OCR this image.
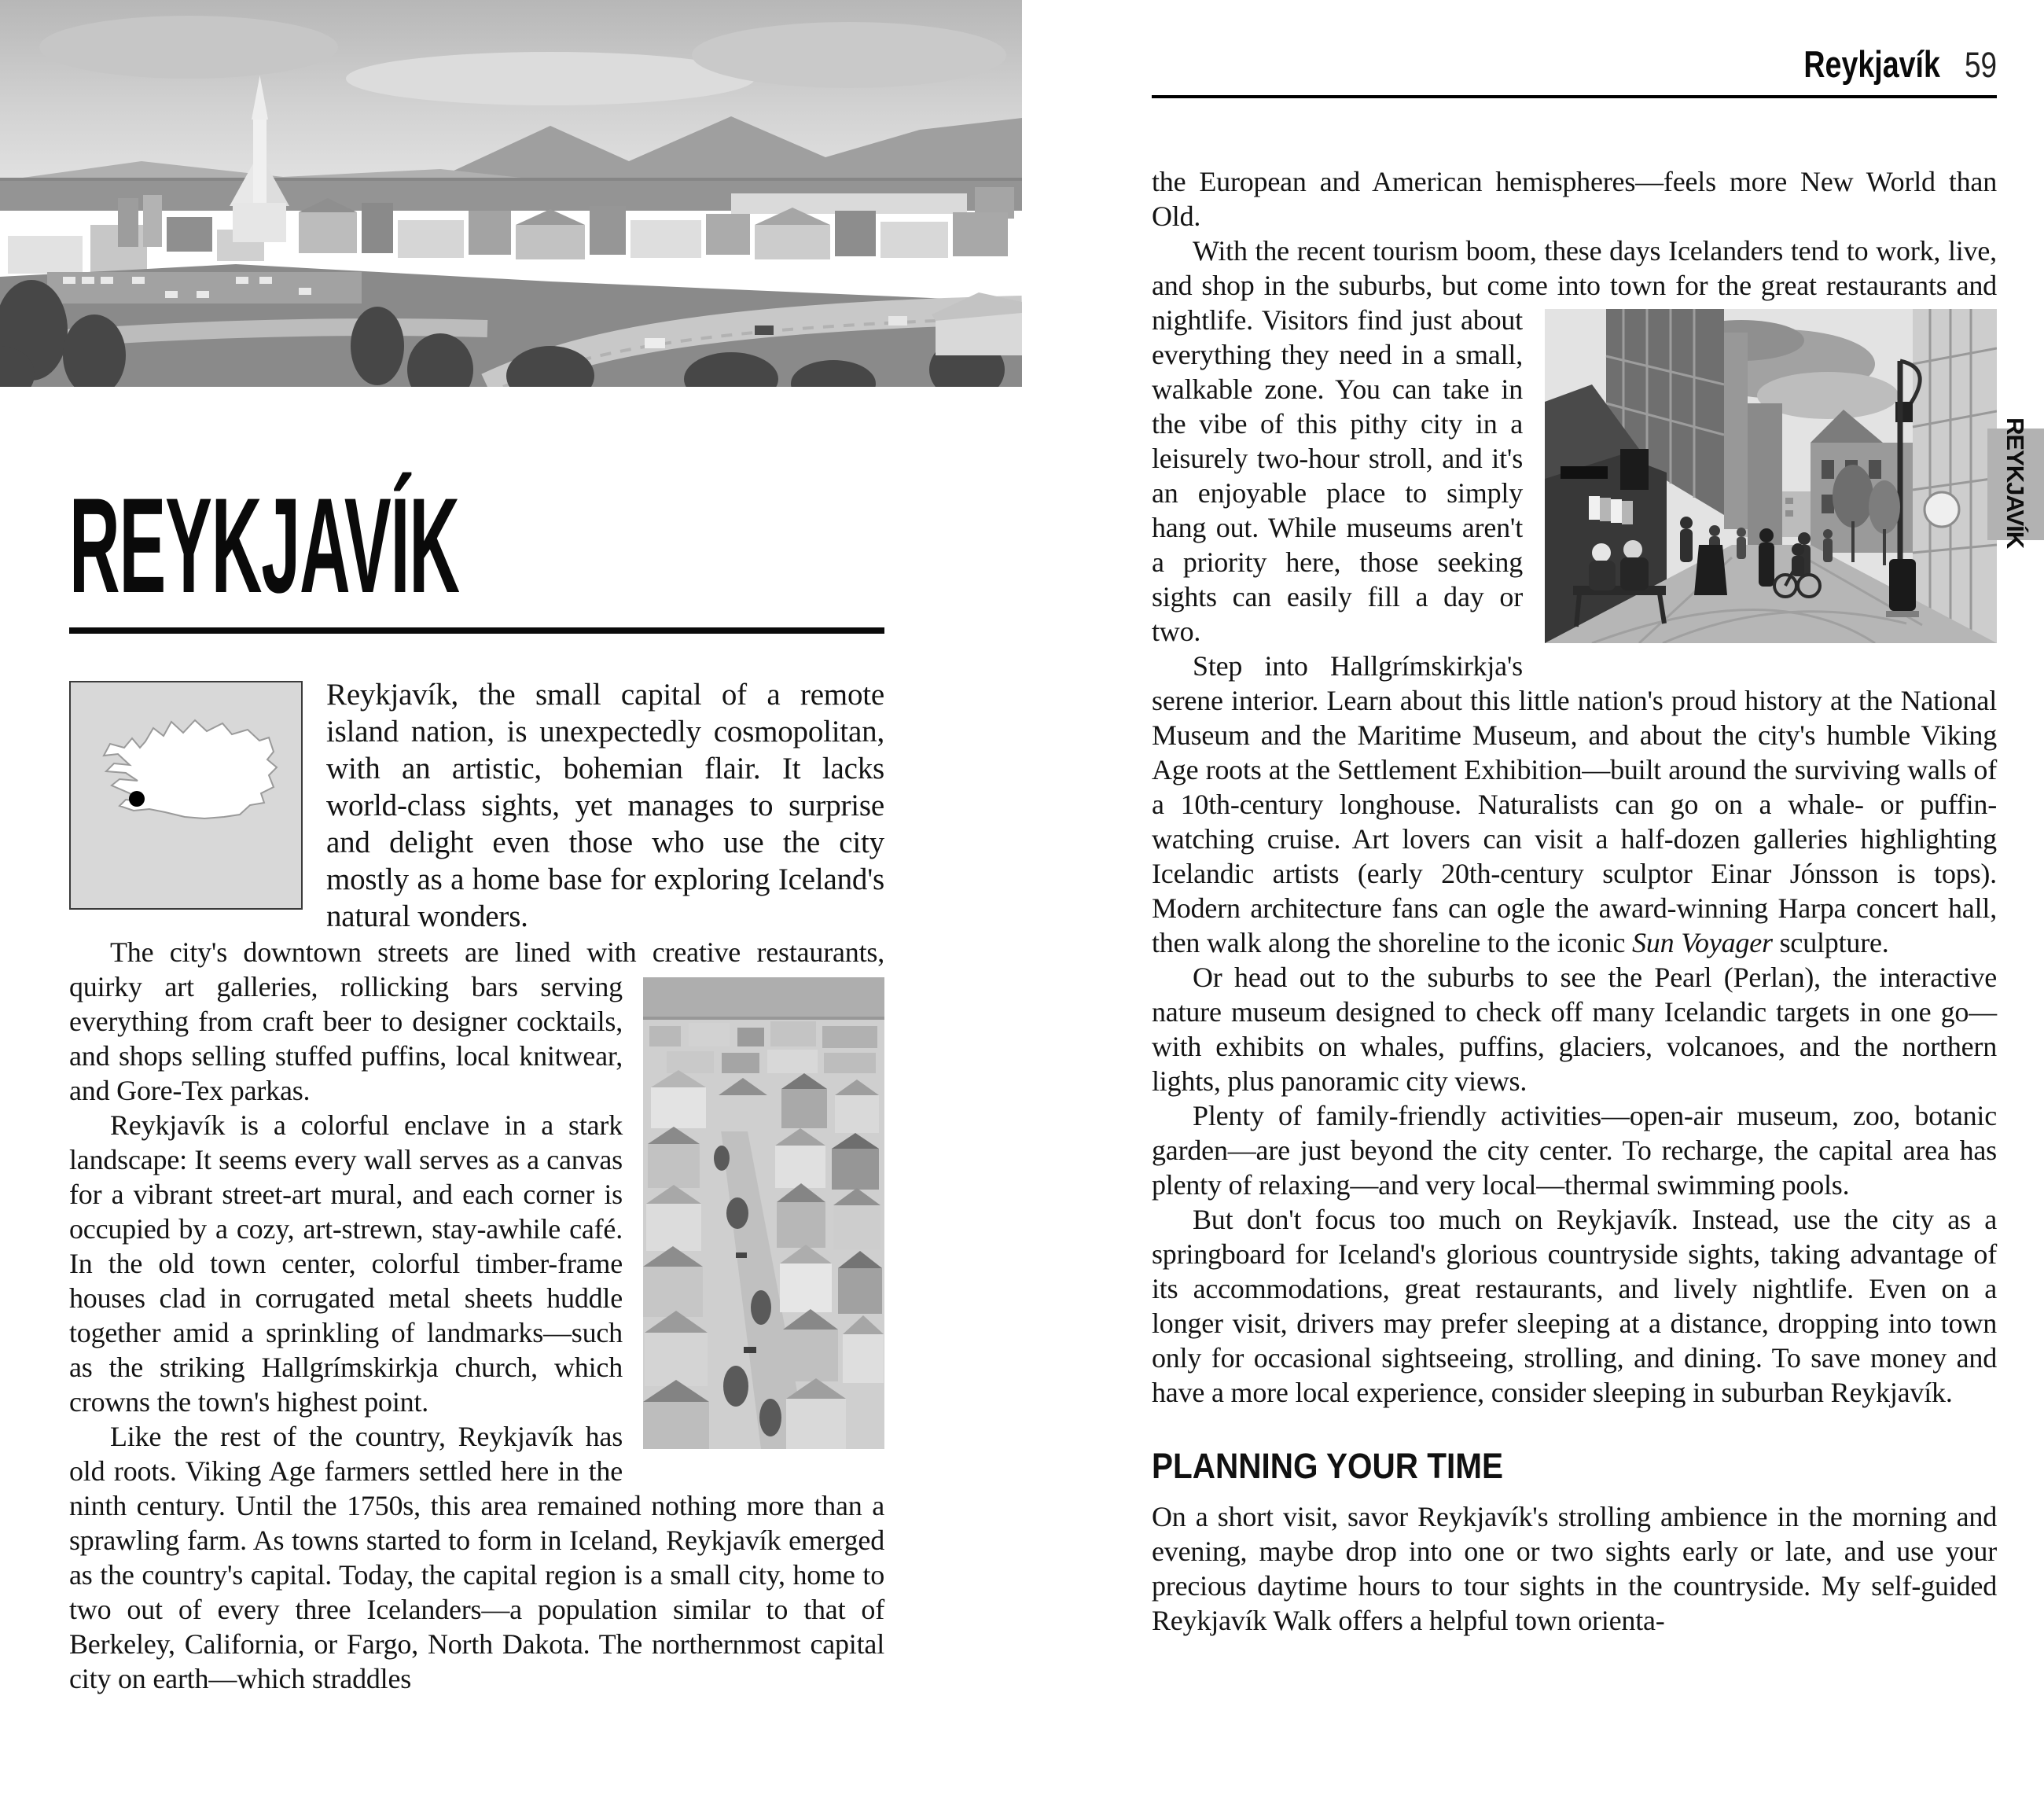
REYKJAVÍK

Reykjavík, the small capital of a remote island nation, is unexpectedly cosmopolitan, with an artistic, bohemian flair. It lacks world-class sights, yet manages to surprise and delight even those who use the city mostly as a home base for exploring Iceland's natural wonders.

The city's downtown streets are lined with creative restaurants, quirky art galleries, rollicking bars serving
everything from craft beer to designer cocktails, and shops selling stuffed puffins, local knitwear, and Gore-Tex parkas.

Reykjavík is a colorful enclave in a stark landscape: It seems every wall serves as a canvas for a vibrant street-art mural, and each corner is occupied by a cozy, art-strewn, stay-awhile café. In the old town center, colorful timber-frame houses clad in corrugated metal sheets huddle together amid a sprinkling of landmarks—such as the striking Hallgrímskirkja church, which crowns the town's highest point.

Like the rest of the country, Reykjavík has old roots. Viking Age farmers settled here in the ninth century. Until the 1750s, this area remained nothing more than a sprawling farm. As towns started to form in Iceland, Reykjavík emerged as the country's capital. Today, the capital region is a small city, home to two out of every three Icelanders—a population similar to that of Berkeley, California, or Fargo, North Dakota. The northernmost capital city on earth—which straddles

Reykjavík 59

the European and American hemispheres—feels more New World than Old.

With the recent tourism boom, these days Icelanders tend to work, live, and shop in the suburbs, but come into town for the
great restaurants and nightlife. Visitors find just about everything they need in a small, walkable zone. You can take in the vibe of this pithy city in a leisurely two-hour stroll, and it's an enjoyable place to simply hang out. While museums aren't a priority here, those seeking sights can easily fill a day or two.

Step into Hallgrímskirkja's serene interior. Learn about this little nation's proud history at the National Museum and the Maritime Museum, and about the city's humble Viking Age roots at the Settlement Exhibition—built around the surviving walls of a 10th-century longhouse. Naturalists can go on a whale- or puffin-watching cruise. Art lovers can visit a half-dozen galleries highlighting Icelandic artists (early 20th-century sculptor Einar Jónsson is tops). Modern architecture fans can ogle the award-winning Harpa concert hall, then walk along the shoreline to the iconic Sun Voyager sculpture.

Or head out to the suburbs to see the Pearl (Perlan), the interactive nature museum designed to check off many Icelandic targets in one go—with exhibits on whales, puffins, glaciers, volcanoes, and the northern lights, plus panoramic city views.

Plenty of family-friendly activities—open-air museum, zoo, botanic garden—are just beyond the city center. To recharge, the capital area has plenty of relaxing—and very local—thermal swimming pools.

But don't focus too much on Reykjavík. Instead, use the city as a springboard for Iceland's glorious countryside sights, taking advantage of its accommodations, great restaurants, and lively nightlife. Even on a longer visit, drivers may prefer sleeping at a distance, dropping into town only for occasional sightseeing, strolling, and dining. To save money and have a more local experience, consider sleeping in suburban Reykjavík.

PLANNING YOUR TIME

On a short visit, savor Reykjavík's strolling ambience in the morning and evening, maybe drop into one or two sights early or late, and use your precious daytime hours to tour sights in the countryside. My self-guided Reykjavík Walk offers a helpful town orienta-

REYKJAVÍK
